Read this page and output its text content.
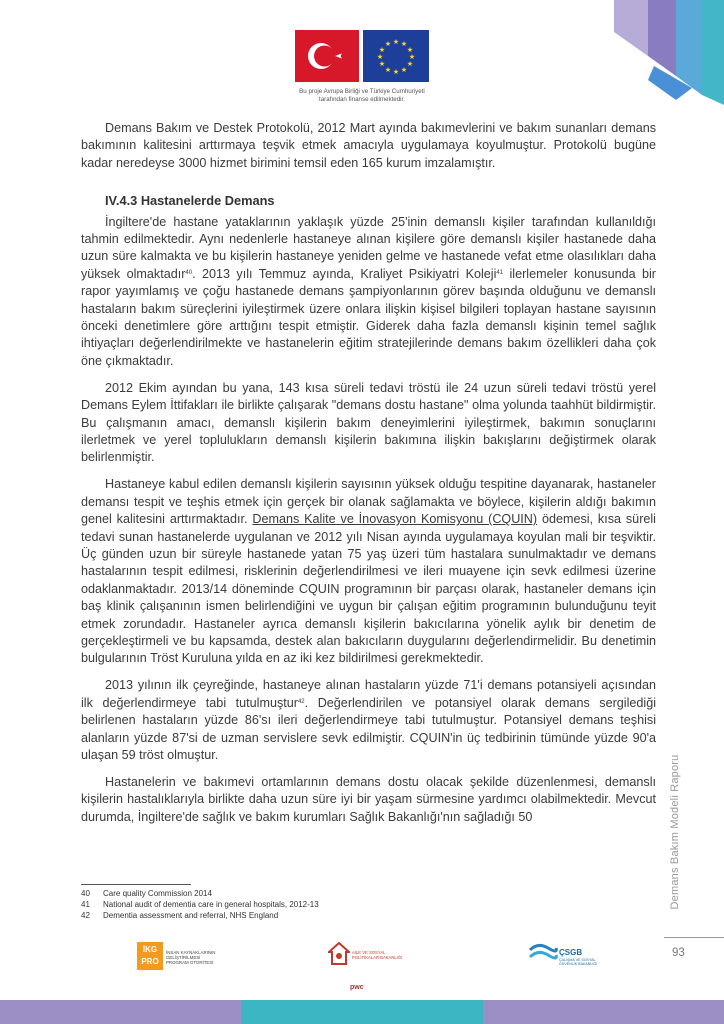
★ ★
★
★
★
★
★
★
★
★
★
★
Bu proje Avrupa Birliği ve Türkiye Cumhuriyeti
tarafından finanse edilmektedir.

Demans Bakım ve Destek Protokolü, 2012 Mart ayında bakımevlerini ve bakım sunanları demans bakımının kalitesini arttırmaya teşvik etmek amacıyla uygulamaya koyulmuştur. Protokolü bugüne kadar neredeyse 3000 hizmet birimini temsil eden 165 kurum imzalamıştır.

IV.4.3 Hastanelerde Demans

İngiltere'de hastane yataklarının yaklaşık yüzde 25'inin demanslı kişiler tarafından kullanıldığı tahmin edilmektedir. Aynı nedenlerle hastaneye alınan kişilere göre demanslı kişiler hastanede daha uzun süre kalmakta ve bu kişilerin hastaneye yeniden gelme ve hastanede vefat etme olasılıkları daha yüksek olmaktadır$^{40}$. 2013 yılı Temmuz ayında, Kraliyet Psikiyatri Koleji$^{41}$ ilerlemeler konusunda bir rapor yayımlamış ve çoğu hastanede demans şampiyonlarının görev başında olduğunu ve demanslı hastaların bakım süreçlerini iyileştirmek üzere onlara ilişkin kişisel bilgileri toplayan hastane sayısının önceki denetimlere göre arttığını tespit etmiştir. Giderek daha fazla demanslı kişinin temel sağlık ihtiyaçları değerlendirilmekte ve hastanelerin eğitim stratejilerinde demans bakım özellikleri daha çok öne çıkmaktadır.

2012 Ekim ayından bu yana, 143 kısa süreli tedavi tröstü ile 24 uzun süreli tedavi tröstü yerel Demans Eylem İttifakları ile birlikte çalışarak "demans dostu hastane" olma yolunda taahhüt bildirmiştir. Bu çalışmanın amacı, demanslı kişilerin bakım deneyimlerini iyileştirmek, bakımın sonuçlarını ilerletmek ve yerel toplulukların demanslı kişilerin bakımına ilişkin bakışlarını değiştirmek olarak belirlenmiştir.

Hastaneye kabul edilen demanslı kişilerin sayısının yüksek olduğu tespitine dayanarak, hastaneler demansı tespit ve teşhis etmek için gerçek bir olanak sağlamakta ve böylece, kişilerin aldığı bakımın genel kalitesini arttırmaktadır. Demans Kalite ve İnovasyon Komisyonu (CQUIN) ödemesi, kısa süreli tedavi sunan hastanelerde uygulanan ve 2012 yılı Nisan ayında uygulamaya koyulan mali bir teşviktir. Üç günden uzun bir süreyle hastanede yatan 75 yaş üzeri tüm hastalara sunulmaktadır ve demans hastalarının tespit edilmesi, risklerinin değerlendirilmesi ve ileri muayene için sevk edilmesi üzerine odaklanmaktadır. 2013/14 döneminde CQUIN programının bir parçası olarak, hastaneler demans için baş klinik çalışanının ismen belirlendiğini ve uygun bir çalışan eğitim programının bulunduğunu teyit etmek zorundadır. Hastaneler ayrıca demanslı kişilerin bakıcılarına yönelik aylık bir denetim de gerçekleştirmeli ve bu kapsamda, destek alan bakıcıların duygularını değerlendirmelidir. Bu denetimin bulgularının Tröst Kuruluna yılda en az iki kez bildirilmesi gerekmektedir.

2013 yılının ilk çeyreğinde, hastaneye alınan hastaların yüzde 71'i demans potansiyeli açısından ilk değerlendirmeye tabi tutulmuştur$^{42}$. Değerlendirilen ve potansiyel olarak demans sergilediği belirlenen hastaların yüzde 86'sı ileri değerlendirmeye tabi tutulmuştur. Potansiyel demans teşhisi alanların yüzde 87'si de uzman servislere sevk edilmiştir. CQUIN'in üç tedbirinin tümünde yüzde 90'a ulaşan 59 tröst olmuştur.

Hastanelerin ve bakımevi ortamlarının demans dostu olacak şekilde düzenlenmesi, demanslı kişilerin hastalıklarıyla birlikte daha uzun süre iyi bir yaşam sürmesine yardımcı olabilmektedir. Mevcut durumda, İngiltere'de sağlık ve bakım kurumları Sağlık Bakanlığı'nın sağladığı 50

40 Care quality Commission 2014
41 National audit of dementia care in general hospitals, 2012-13
42 Dementia assessment and referral, NHS England
Demans Bakım Modeli Raporu
93
İKG PRO
İNSAN KAYNAKLARININ GELİŞTİRİLMESİ PROGRAM OTORİTESİ
AİLE VE SOSYAL POLİTİKALAR BAKANLIĞI
pwc
ÇSGB
ÇALIŞMA VE SOSYAL GÜVENLİK BAKANLIĞI
